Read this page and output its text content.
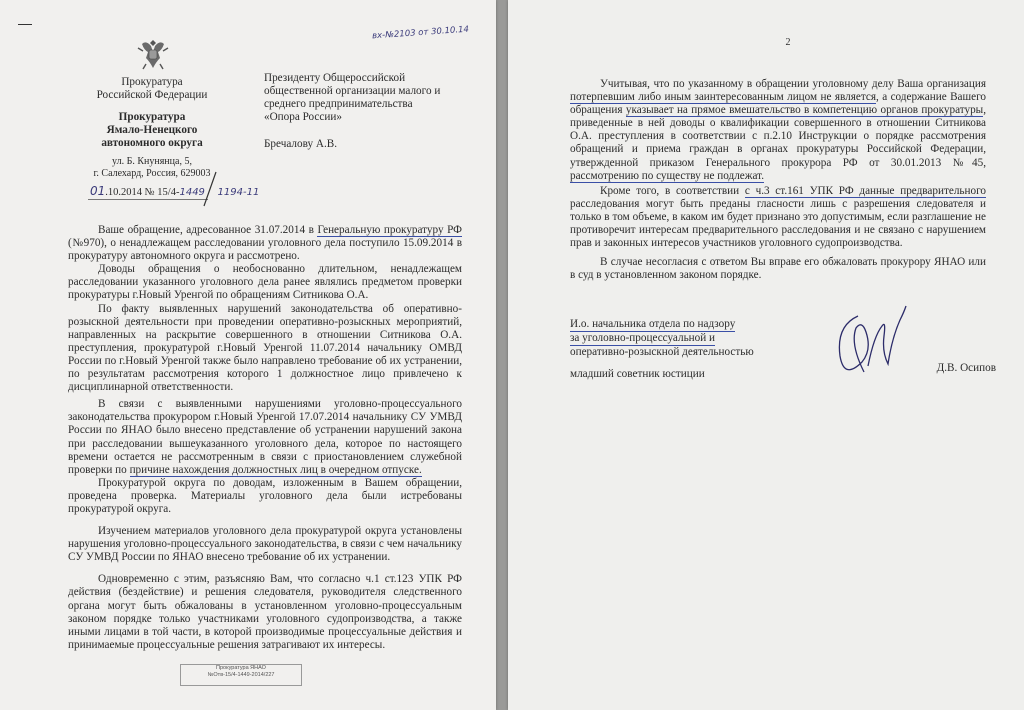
вх-№2103 от 30.10.14
Прокуратура
Российской Федерации
Прокуратура
Ямало-Ненецкого
автономного округа
ул. Б. Кнунянца, 5,
г. Салехард, Россия, 629003
01.10.2014 № 15/4-1449 1194-11
Президенту Общероссийской
общественной организации малого и
среднего предпринимательства
«Опора России»
Бречалову А.В.

Ваше обращение, адресованное 31.07.2014 в Генеральную прокуратуру РФ (№970), о ненадлежащем расследовании уголовного дела поступило 15.09.2014 в прокуратуру автономного округа и рассмотрено.

Доводы обращения о необоснованно длительном, ненадлежащем расследовании указанного уголовного дела ранее являлись предметом проверки прокуратуры г.Новый Уренгой по обращениям Ситникова О.А.

По факту выявленных нарушений законодательства об оперативно-розыскной деятельности при проведении оперативно-розыскных мероприятий, направленных на раскрытие совершенного в отношении Ситникова О.А. преступления, прокуратурой г.Новый Уренгой 11.07.2014 начальнику ОМВД России по г.Новый Уренгой также было направлено требование об их устранении, по результатам рассмотрения которого 1 должностное лицо привлечено к дисциплинарной ответственности.

В связи с выявленными нарушениями уголовно-процессуального законодательства прокурором г.Новый Уренгой 17.07.2014 начальнику СУ УМВД России по ЯНАО было внесено представление об устранении нарушений закона при расследовании вышеуказанного уголовного дела, которое по настоящего времени остается не рассмотренным в связи с приостановлением служебной проверки по причине нахождения должностных лиц в очередном отпуске.

Прокуратурой округа по доводам, изложенным в Вашем обращении, проведена проверка. Материалы уголовного дела были истребованы прокуратурой округа.

Изучением материалов уголовного дела прокуратурой округа установлены нарушения уголовно-процессуального законодательства, в связи с чем начальнику СУ УМВД России по ЯНАО внесено требование об их устранении.

Одновременно с этим, разъясняю Вам, что согласно ч.1 ст.123 УПК РФ действия (бездействие) и решения следователя, руководителя следственного органа могут быть обжалованы в установленном уголовно-процессуальным законом порядке только участниками уголовного судопроизводства, а также иными лицами в той части, в которой производимые процессуальные действия и принимаемые процессуальные решения затрагивают их интересы.

Прокуратура ЯНАО
№Отв-15/4-1449-2014/227
2

Учитывая, что по указанному в обращении уголовному делу Ваша организация потерпевшим либо иным заинтересованным лицом не является, а содержание Вашего обращения указывает на прямое вмешательство в компетенцию органов прокуратуры, приведенные в ней доводы о квалификации совершенного в отношении Ситникова О.А. преступления в соответствии с п.2.10 Инструкции о порядке рассмотрения обращений и приема граждан в органах прокуратуры Российской Федерации, утвержденной приказом Генерального прокурора РФ от 30.01.2013 №45, рассмотрению по существу не подлежат.

Кроме того, в соответствии с ч.3 ст.161 УПК РФ данные предварительного расследования могут быть преданы гласности лишь с разрешения следователя и только в том объеме, в каком им будет признано это допустимым, если разглашение не противоречит интересам предварительного расследования и не связано с нарушением прав и законных интересов участников уголовного судопроизводства.

В случае несогласия с ответом Вы вправе его обжаловать прокурору ЯНАО или в суд в установленном законом порядке.

И.о. начальника отдела по надзору
за уголовно-процессуальной и

оперативно-розыскной деятельностью
младший советник юстиции
Д.В. Осипов
